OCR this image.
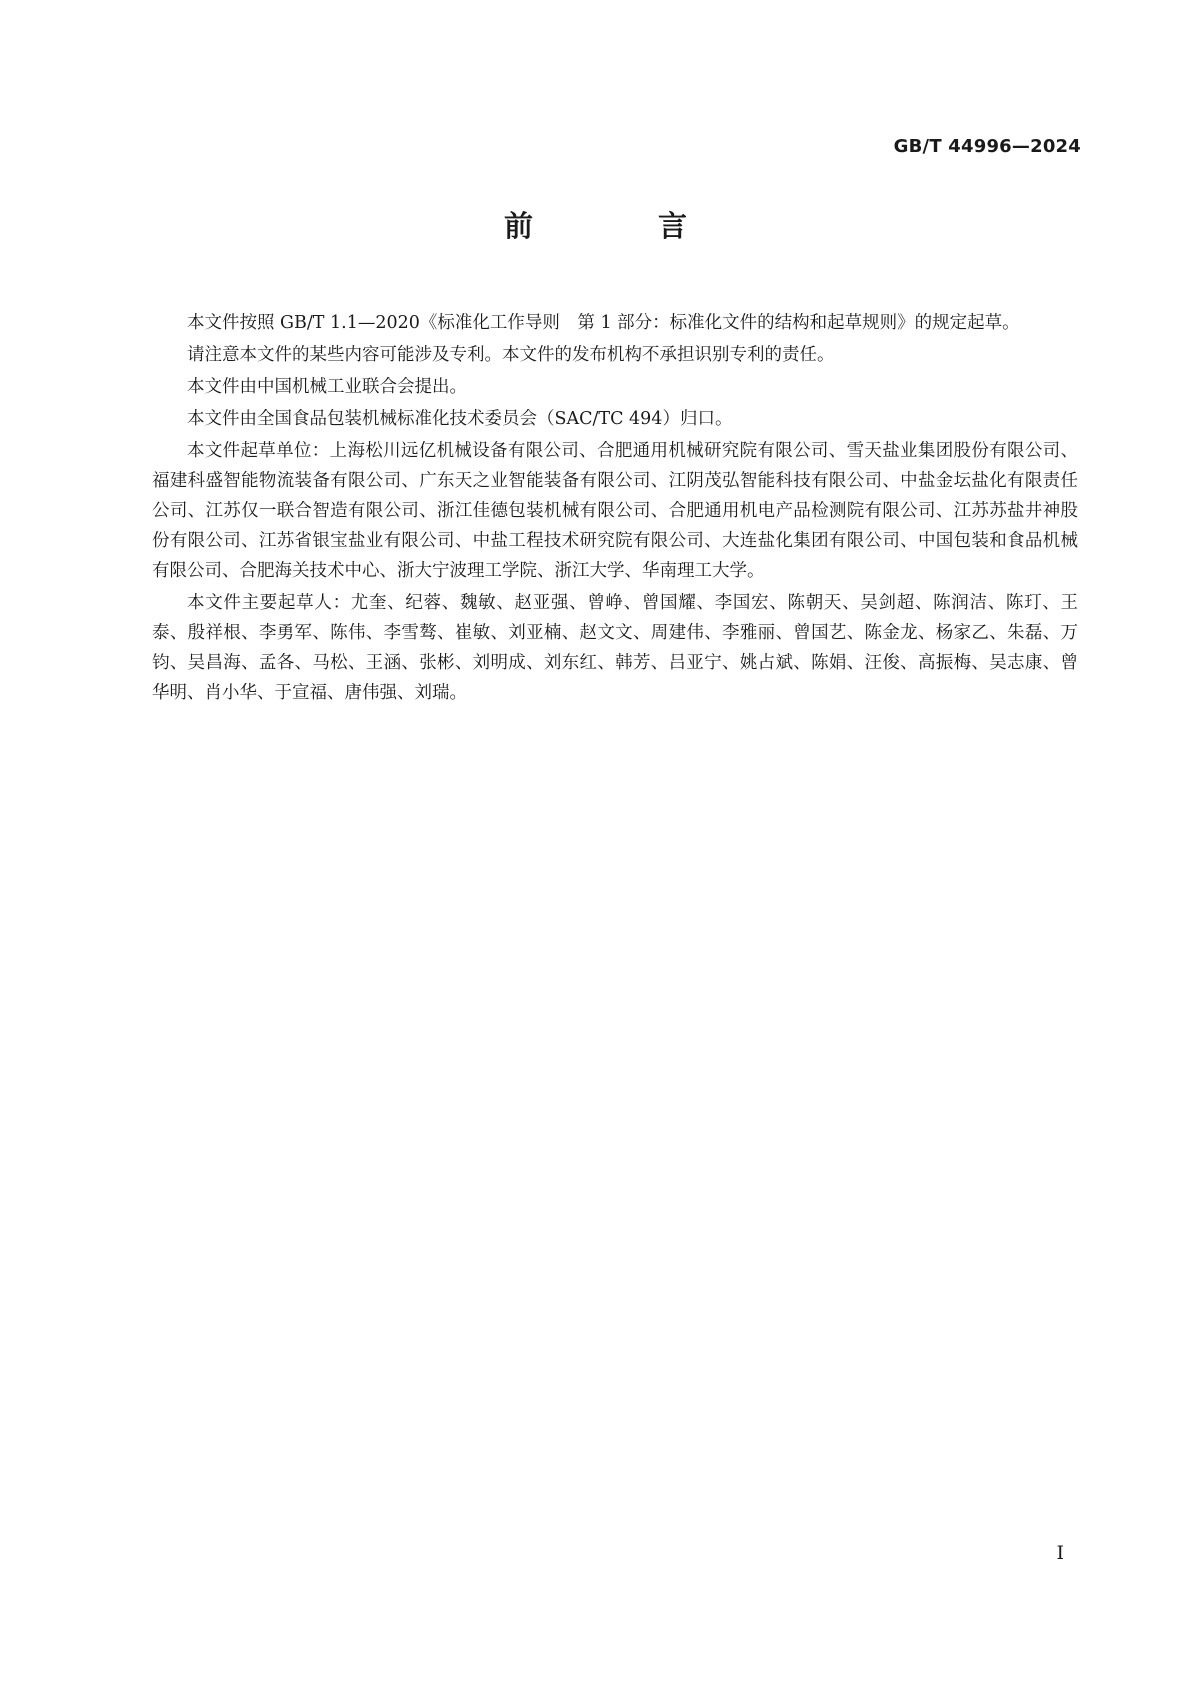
GB/T 44996—2024
前　言

本文件按照 GB/T 1.1—2020《标准化工作导则　第 1 部分：标准化文件的结构和起草规则》的规定起草。

请注意本文件的某些内容可能涉及专利。本文件的发布机构不承担识别专利的责任。

本文件由中国机械工业联合会提出。

本文件由全国食品包装机械标准化技术委员会（SAC/TC 494）归口。

本文件起草单位：上海松川远亿机械设备有限公司、合肥通用机械研究院有限公司、雪天盐业集团股份有限公司、福建科盛智能物流装备有限公司、广东天之业智能装备有限公司、江阴茂弘智能科技有限公司、中盐金坛盐化有限责任公司、江苏仅一联合智造有限公司、浙江佳德包装机械有限公司、合肥通用机电产品检测院有限公司、江苏苏盐井神股份有限公司、江苏省银宝盐业有限公司、中盐工程技术研究院有限公司、大连盐化集团有限公司、中国包装和食品机械有限公司、合肥海关技术中心、浙大宁波理工学院、浙江大学、华南理工大学。

本文件主要起草人：尤奎、纪蓉、魏敏、赵亚强、曾峥、曾国耀、李国宏、陈朝天、吴剑超、陈润洁、陈玎、王泰、殷祥根、李勇军、陈伟、李雪骜、崔敏、刘亚楠、赵文文、周建伟、李雅丽、曾国艺、陈金龙、杨家乙、朱磊、万钧、吴昌海、孟各、马松、王涵、张彬、刘明成、刘东红、韩芳、吕亚宁、姚占斌、陈娟、汪俊、高振梅、吴志康、曾华明、肖小华、于宣福、唐伟强、刘瑞。

I
